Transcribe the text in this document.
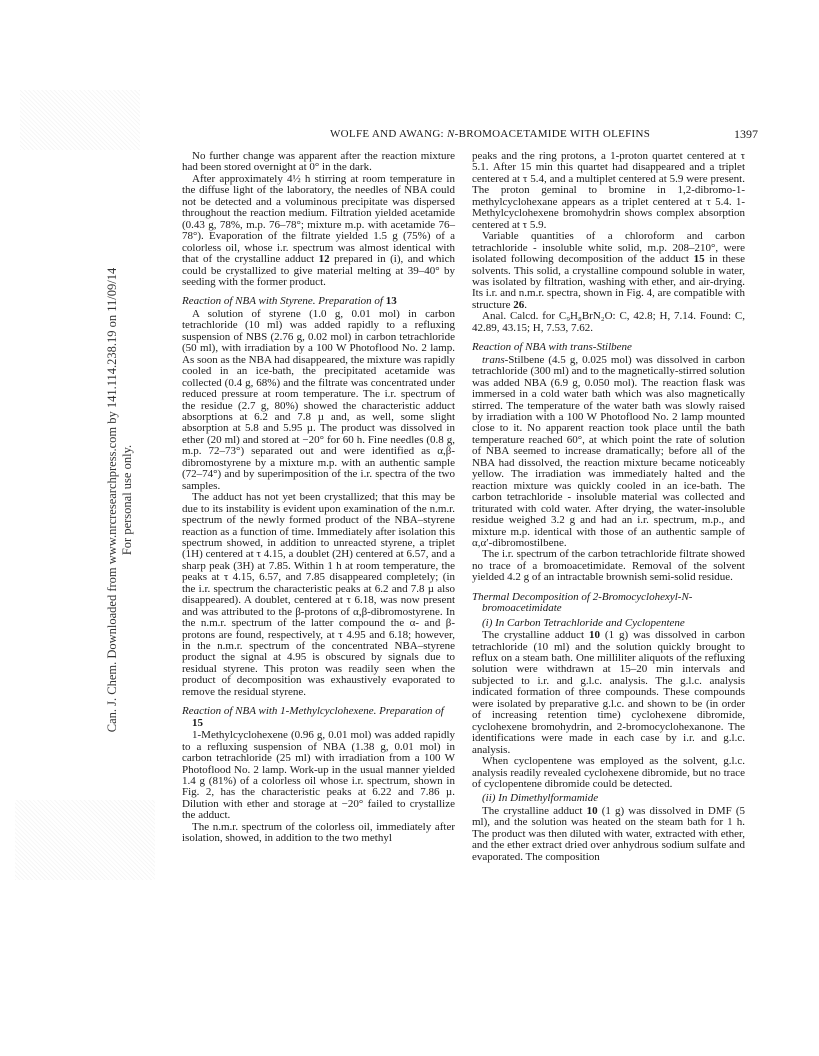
Can. J. Chem. Downloaded from www.nrcresearchpress.com by 141.114.238.19 on 11/09/14 For personal use only.
WOLFE AND AWANG: N-BROMOACETAMIDE WITH OLEFINS	1397

No further change was apparent after the reaction mixture had been stored overnight at 0° in the dark.

After approximately 4½ h stirring at room temperature in the diffuse light of the laboratory, the needles of NBA could not be detected and a voluminous precipitate was dispersed throughout the reaction medium. Filtration yielded acetamide (0.43 g, 78%, m.p. 76–78°; mixture m.p. with acetamide 76–78°). Evaporation of the filtrate yielded 1.5 g (75%) of a colorless oil, whose i.r. spectrum was almost identical with that of the crystalline adduct 12 prepared in (i), and which could be crystallized to give material melting at 39–40° by seeding with the former product.

Reaction of NBA with Styrene. Preparation of 13

A solution of styrene (1.0 g, 0.01 mol) in carbon tetrachloride (10 ml) was added rapidly to a refluxing suspension of NBS (2.76 g, 0.02 mol) in carbon tetrachloride (50 ml), with irradiation by a 100 W Photoflood No. 2 lamp. As soon as the NBA had disappeared, the mixture was rapidly cooled in an ice-bath, the precipitated acetamide was collected (0.4 g, 68%) and the filtrate was concentrated under reduced pressure at room temperature. The i.r. spectrum of the residue (2.7 g, 80%) showed the characteristic adduct absorptions at 6.2 and 7.8 µ and, as well, some slight absorption at 5.8 and 5.95 µ. The product was dissolved in ether (20 ml) and stored at −20° for 60 h. Fine needles (0.8 g, m.p. 72–73°) separated out and were identified as α,β-dibromostyrene by a mixture m.p. with an authentic sample (72–74°) and by superimposition of the i.r. spectra of the two samples.

The adduct has not yet been crystallized; that this may be due to its instability is evident upon examination of the n.m.r. spectrum of the newly formed product of the NBA–styrene reaction as a function of time. Immediately after isolation this spectrum showed, in addition to unreacted styrene, a triplet (1H) centered at τ 4.15, a doublet (2H) centered at 6.57, and a sharp peak (3H) at 7.85. Within 1 h at room temperature, the peaks at τ 4.15, 6.57, and 7.85 disappeared completely; (in the i.r. spectrum the characteristic peaks at 6.2 and 7.8 µ also disappeared). A doublet, centered at τ 6.18, was now present and was attributed to the β-protons of α,β-dibromostyrene. In the n.m.r. spectrum of the latter compound the α- and β-protons are found, respectively, at τ 4.95 and 6.18; however, in the n.m.r. spectrum of the concentrated NBA–styrene product the signal at 4.95 is obscured by signals due to residual styrene. This proton was readily seen when the product of decomposition was exhaustively evaporated to remove the residual styrene.

Reaction of NBA with 1-Methylcyclohexene. Preparation of 15

1-Methylcyclohexene (0.96 g, 0.01 mol) was added rapidly to a refluxing suspension of NBA (1.38 g, 0.01 mol) in carbon tetrachloride (25 ml) with irradiation from a 100 W Photoflood No. 2 lamp. Work-up in the usual manner yielded 1.4 g (81%) of a colorless oil whose i.r. spectrum, shown in Fig. 2, has the characteristic peaks at 6.22 and 7.86 µ. Dilution with ether and storage at −20° failed to crystallize the adduct.

The n.m.r. spectrum of the colorless oil, immediately after isolation, showed, in addition to the two methyl

peaks and the ring protons, a 1-proton quartet centered at τ 5.1. After 15 min this quartet had disappeared and a triplet centered at τ 5.4, and a multiplet centered at 5.9 were present. The proton geminal to bromine in 1,2-dibromo-1-methylcyclohexane appears as a triplet centered at τ 5.4. 1-Methylcyclohexene bromohydrin shows complex absorption centered at τ 5.9.

Variable quantities of a chloroform and carbon tetrachloride - insoluble white solid, m.p. 208–210°, were isolated following decomposition of the adduct 15 in these solvents. This solid, a crystalline compound soluble in water, was isolated by filtration, washing with ether, and air-drying. Its i.r. and n.m.r. spectra, shown in Fig. 4, are compatible with structure 26.

Anal. Calcd. for C₉H₈BrN₂O: C, 42.8; H, 7.14. Found: C, 42.89, 43.15; H, 7.53, 7.62.

Reaction of NBA with trans-Stilbene

trans-Stilbene (4.5 g, 0.025 mol) was dissolved in carbon tetrachloride (300 ml) and to the magnetically-stirred solution was added NBA (6.9 g, 0.050 mol). The reaction flask was immersed in a cold water bath which was also magnetically stirred. The temperature of the water bath was slowly raised by irradiation with a 100 W Photoflood No. 2 lamp mounted close to it. No apparent reaction took place until the bath temperature reached 60°, at which point the rate of solution of NBA seemed to increase dramatically; before all of the NBA had dissolved, the reaction mixture became noticeably yellow. The irradiation was immediately halted and the reaction mixture was quickly cooled in an ice-bath. The carbon tetrachloride - insoluble material was collected and triturated with cold water. After drying, the water-insoluble residue weighed 3.2 g and had an i.r. spectrum, m.p., and mixture m.p. identical with those of an authentic sample of α,α′-dibromostilbene.

The i.r. spectrum of the carbon tetrachloride filtrate showed no trace of a bromoacetimidate. Removal of the solvent yielded 4.2 g of an intractable brownish semi-solid residue.

Thermal Decomposition of 2-Bromocyclohexyl-N-bromoacetimidate
(i) In Carbon Tetrachloride and Cyclopentene

The crystalline adduct 10 (1 g) was dissolved in carbon tetrachloride (10 ml) and the solution quickly brought to reflux on a steam bath. One milliliter aliquots of the refluxing solution were withdrawn at 15–20 min intervals and subjected to i.r. and g.l.c. analysis. The g.l.c. analysis indicated formation of three compounds. These compounds were isolated by preparative g.l.c. and shown to be (in order of increasing retention time) cyclohexene dibromide, cyclohexene bromohydrin, and 2-bromocyclohexanone. The identifications were made in each case by i.r. and g.l.c. analysis.

When cyclopentene was employed as the solvent, g.l.c. analysis readily revealed cyclohexene dibromide, but no trace of cyclopentene dibromide could be detected.

(ii) In Dimethylformamide

The crystalline adduct 10 (1 g) was dissolved in DMF (5 ml), and the solution was heated on the steam bath for 1 h. The product was then diluted with water, extracted with ether, and the ether extract dried over anhydrous sodium sulfate and evaporated. The composition
